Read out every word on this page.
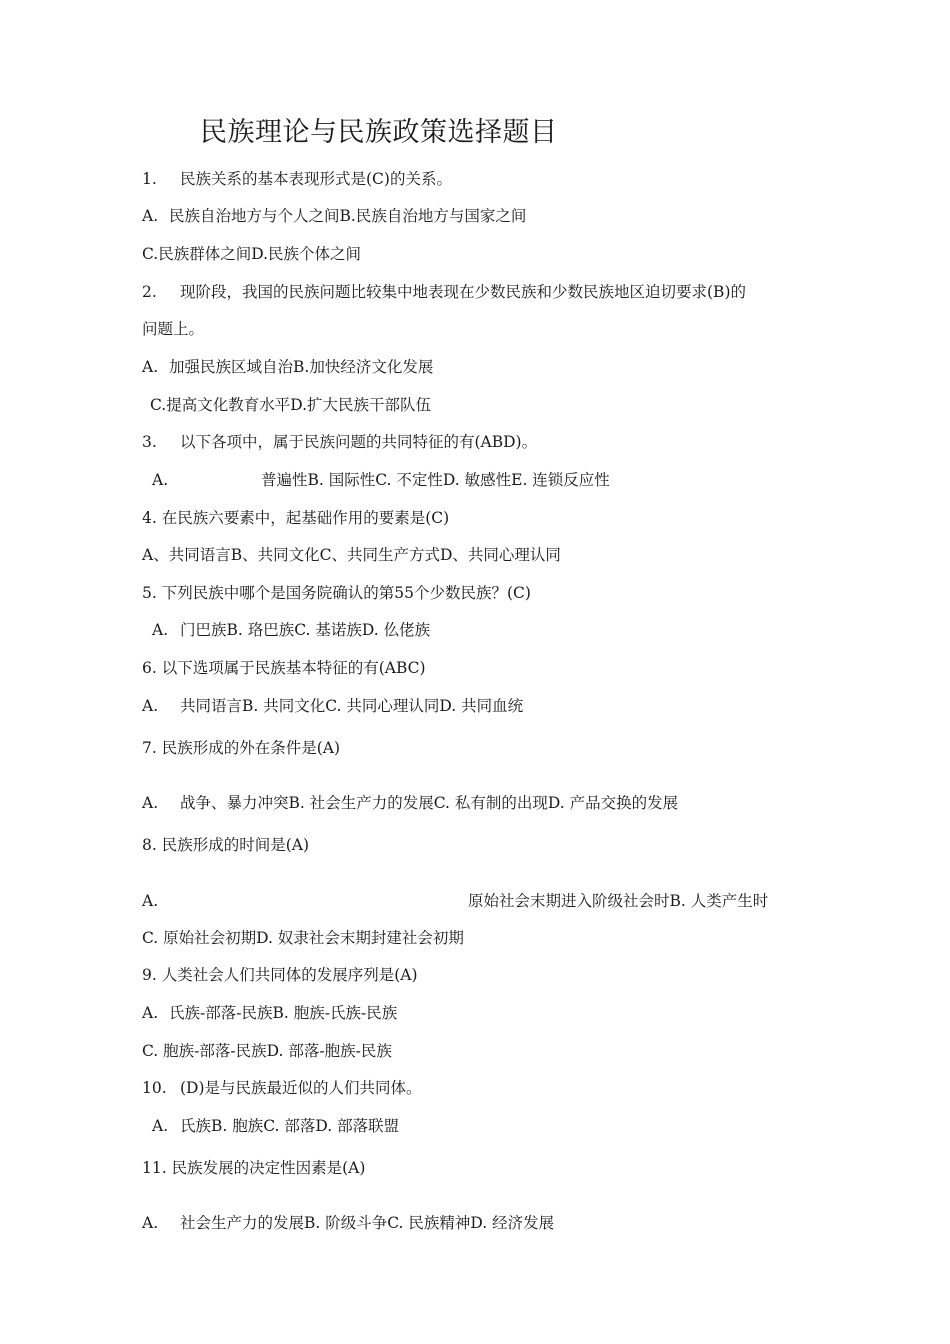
民族理论与民族政策选择题目
1. 民族关系的基本表现形式是(C)的关系。
A. 民族自治地方与个人之间B.民族自治地方与国家之间
C.民族群体之间D.民族个体之间
2. 现阶段，我国的民族问题比较集中地表现在少数民族和少数民族地区迫切要求(B)的
问题上。
A. 加强民族区域自治B.加快经济文化发展
C.提高文化教育水平D.扩大民族干部队伍
3. 以下各项中，属于民族问题的共同特征的有(ABD)。
A.	普遍性B. 国际性C. 不定性D. 敏感性E. 连锁反应性
4. 在民族六要素中，起基础作用的要素是(C)
A、共同语言B、共同文化C、共同生产方式D、共同心理认同
5. 下列民族中哪个是国务院确认的第55个少数民族？(C)
A. 门巴族B. 珞巴族C. 基诺族D. 仫佬族
6. 以下选项属于民族基本特征的有(ABC)
A. 共同语言B. 共同文化C. 共同心理认同D. 共同血统
7. 民族形成的外在条件是(A)
A. 战争、暴力冲突B. 社会生产力的发展C. 私有制的出现D. 产品交换的发展
8. 民族形成的时间是(A)
A.	原始社会末期进入阶级社会时B. 人类产生时
C. 原始社会初期D. 奴隶社会末期封建社会初期
9. 人类社会人们共同体的发展序列是(A)
A. 氏族-部落-民族B. 胞族-氏族-民族
C. 胞族-部落-民族D. 部落-胞族-民族
10. (D)是与民族最近似的人们共同体。
A. 氏族B. 胞族C. 部落D. 部落联盟
11. 民族发展的决定性因素是(A)
A. 社会生产力的发展B. 阶级斗争C. 民族精神D. 经济发展
